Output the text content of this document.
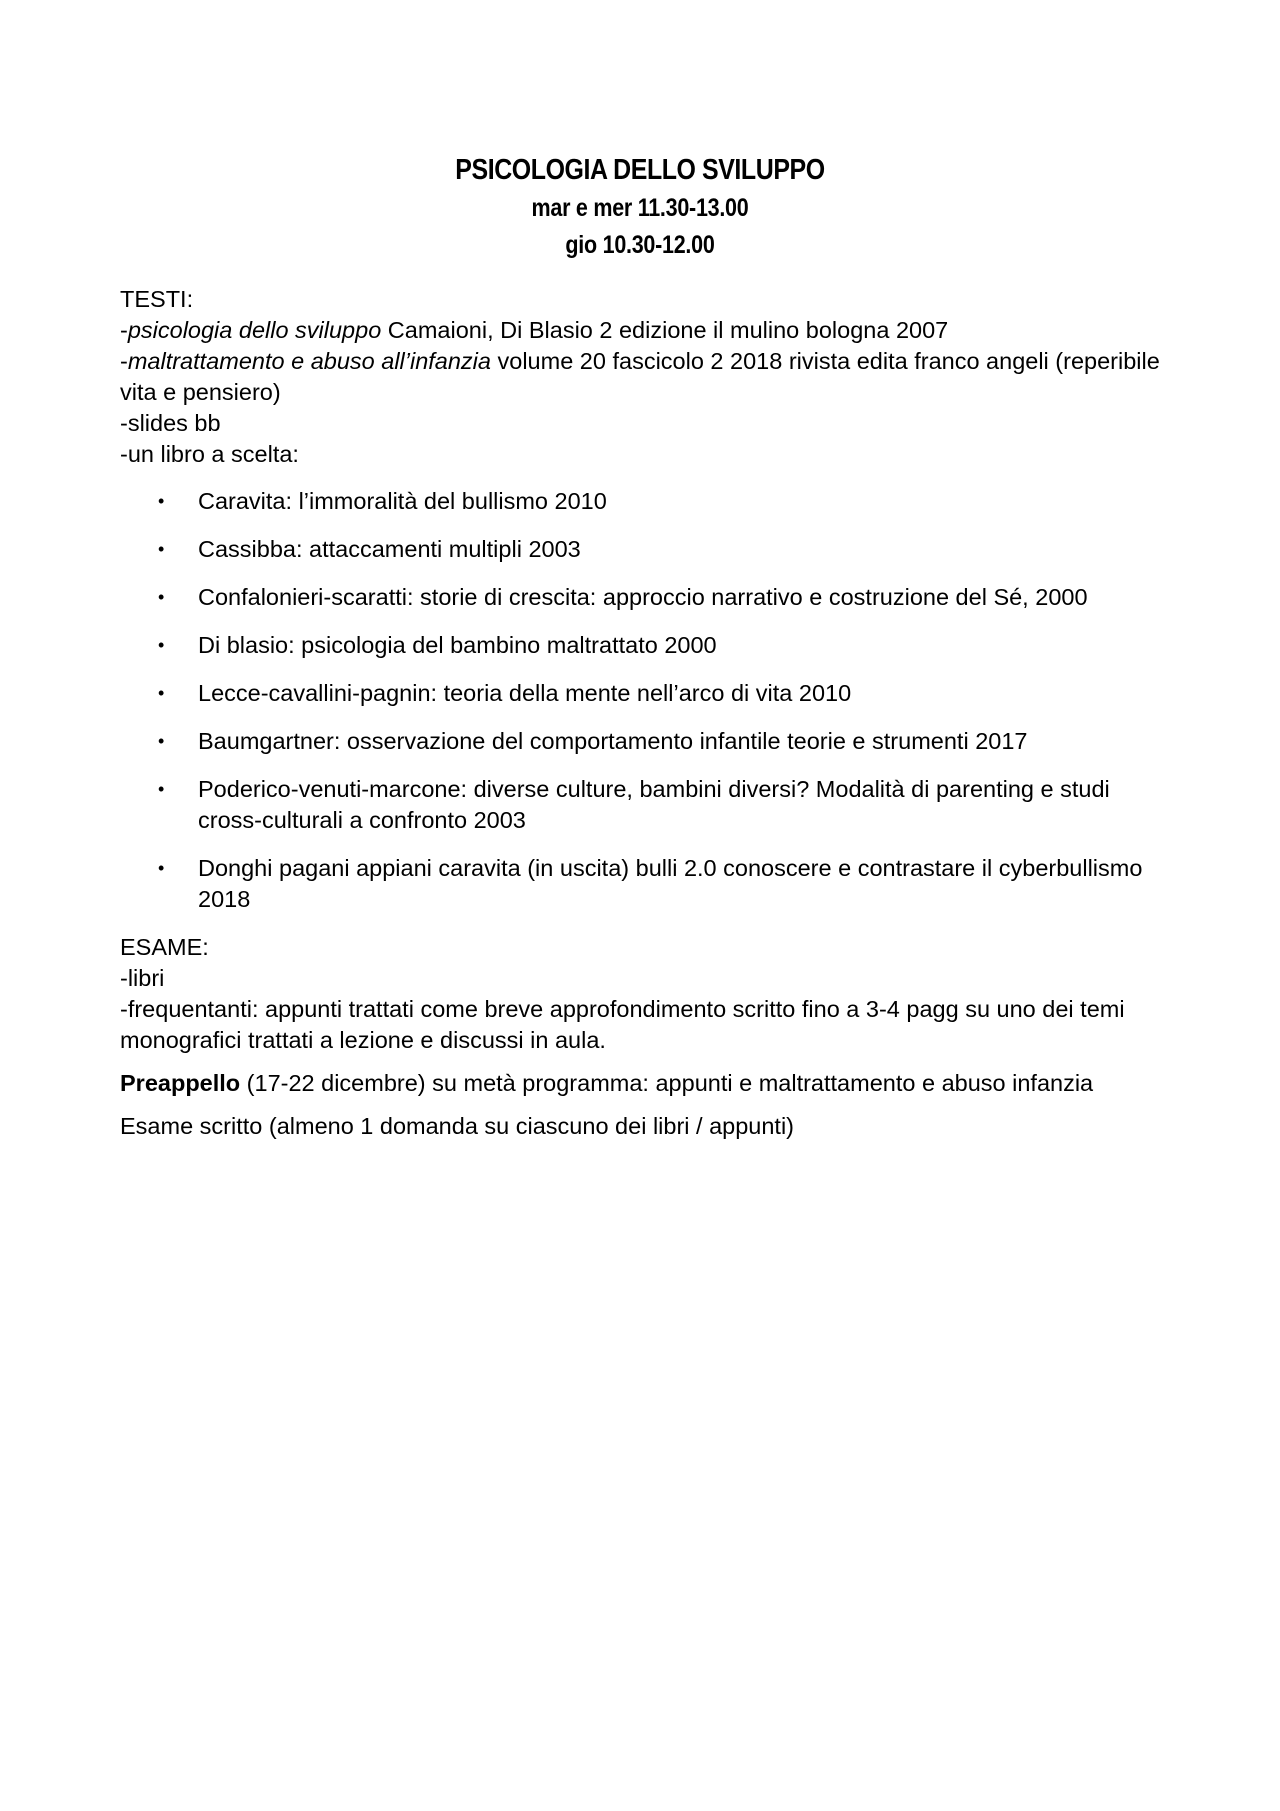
PSICOLOGIA DELLO SVILUPPO

mar e mer 11.30-13.00

gio 10.30-12.00

TESTI:

-psicologia dello sviluppo Camaioni, Di Blasio 2 edizione il mulino bologna 2007

-maltrattamento e abuso all’infanzia volume 20 fascicolo 2 2018 rivista edita franco angeli (reperibile vita e pensiero)

-slides bb

-un libro a scelta:

• Caravita: l’immoralità del bullismo 2010
• Cassibba: attaccamenti multipli 2003
• Confalonieri-scaratti: storie di crescita: approccio narrativo e costruzione del Sé, 2000
• Di blasio: psicologia del bambino maltrattato 2000
• Lecce-cavallini-pagnin: teoria della mente nell’arco di vita 2010
• Baumgartner: osservazione del comportamento infantile teorie e strumenti 2017
• Poderico-venuti-marcone: diverse culture, bambini diversi? Modalità di parenting e studi cross-culturali a confronto 2003
• Donghi pagani appiani caravita (in uscita) bulli 2.0 conoscere e contrastare il cyberbullismo 2018

ESAME:

-libri

-frequentanti: appunti trattati come breve approfondimento scritto fino a 3-4 pagg su uno dei temi monografici trattati a lezione e discussi in aula.

Preappello (17-22 dicembre) su metà programma: appunti e maltrattamento e abuso infanzia

Esame scritto (almeno 1 domanda su ciascuno dei libri / appunti)
